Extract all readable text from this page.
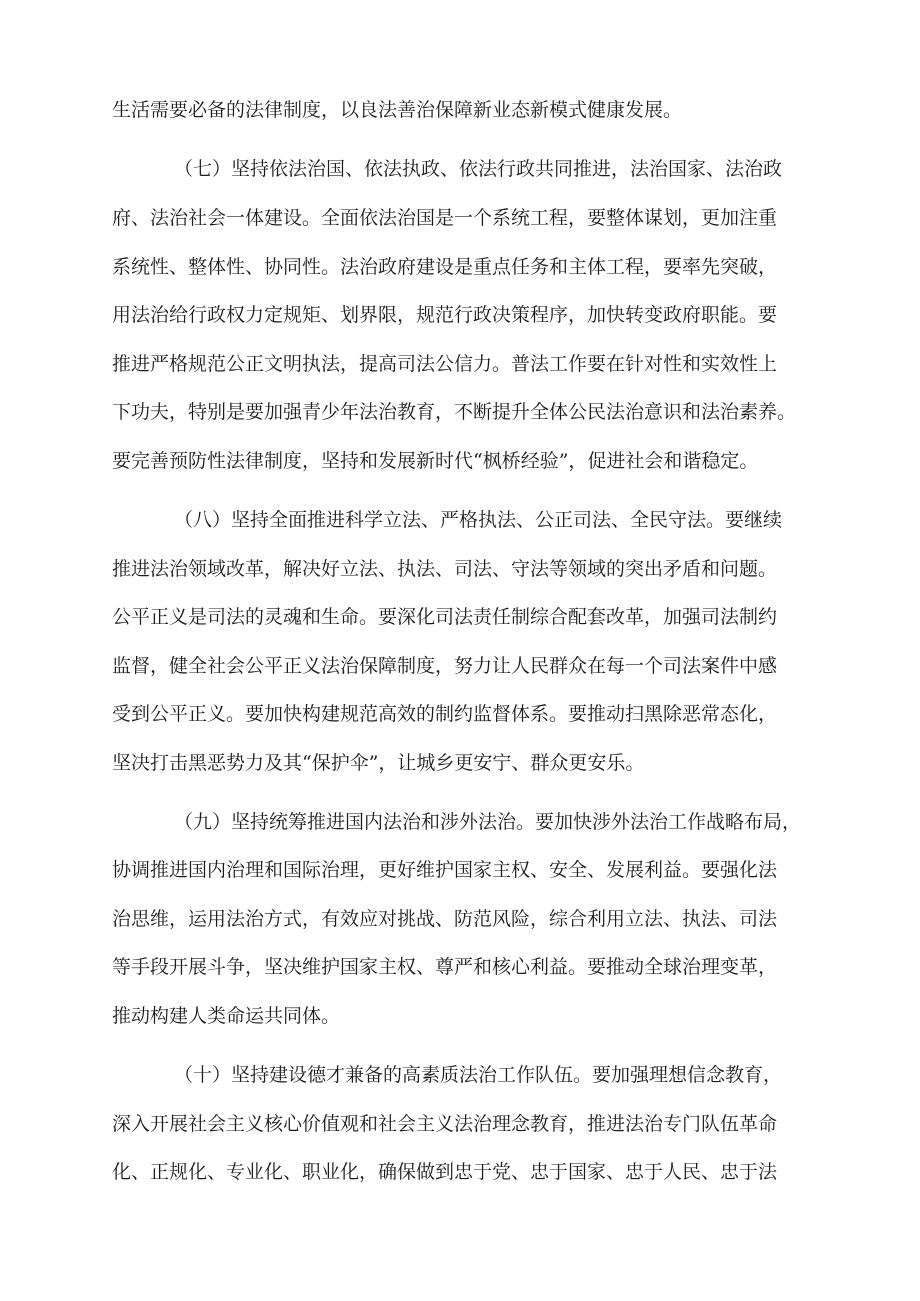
生活需要必备的法律制度，以良法善治保障新业态新模式健康发展。
（七）坚持依法治国、依法执政、依法行政共同推进，法治国家、法治政
府、法治社会一体建设。全面依法治国是一个系统工程，要整体谋划，更加注重
系统性、整体性、协同性。法治政府建设是重点任务和主体工程，要率先突破，
用法治给行政权力定规矩、划界限，规范行政决策程序，加快转变政府职能。要
推进严格规范公正文明执法，提高司法公信力。普法工作要在针对性和实效性上
下功夫，特别是要加强青少年法治教育，不断提升全体公民法治意识和法治素养。
要完善预防性法律制度，坚持和发展新时代“枫桥经验”，促进社会和谐稳定。
（八）坚持全面推进科学立法、严格执法、公正司法、全民守法。要继续
推进法治领域改革，解决好立法、执法、司法、守法等领域的突出矛盾和问题。
公平正义是司法的灵魂和生命。要深化司法责任制综合配套改革，加强司法制约
监督，健全社会公平正义法治保障制度，努力让人民群众在每一个司法案件中感
受到公平正义。要加快构建规范高效的制约监督体系。要推动扫黑除恶常态化，
坚决打击黑恶势力及其“保护伞”，让城乡更安宁、群众更安乐。
（九）坚持统筹推进国内法治和涉外法治。要加快涉外法治工作战略布局，
协调推进国内治理和国际治理，更好维护国家主权、安全、发展利益。要强化法
治思维，运用法治方式，有效应对挑战、防范风险，综合利用立法、执法、司法
等手段开展斗争，坚决维护国家主权、尊严和核心利益。要推动全球治理变革，
推动构建人类命运共同体。
（十）坚持建设德才兼备的高素质法治工作队伍。要加强理想信念教育，
深入开展社会主义核心价值观和社会主义法治理念教育，推进法治专门队伍革命
化、正规化、专业化、职业化，确保做到忠于党、忠于国家、忠于人民、忠于法
